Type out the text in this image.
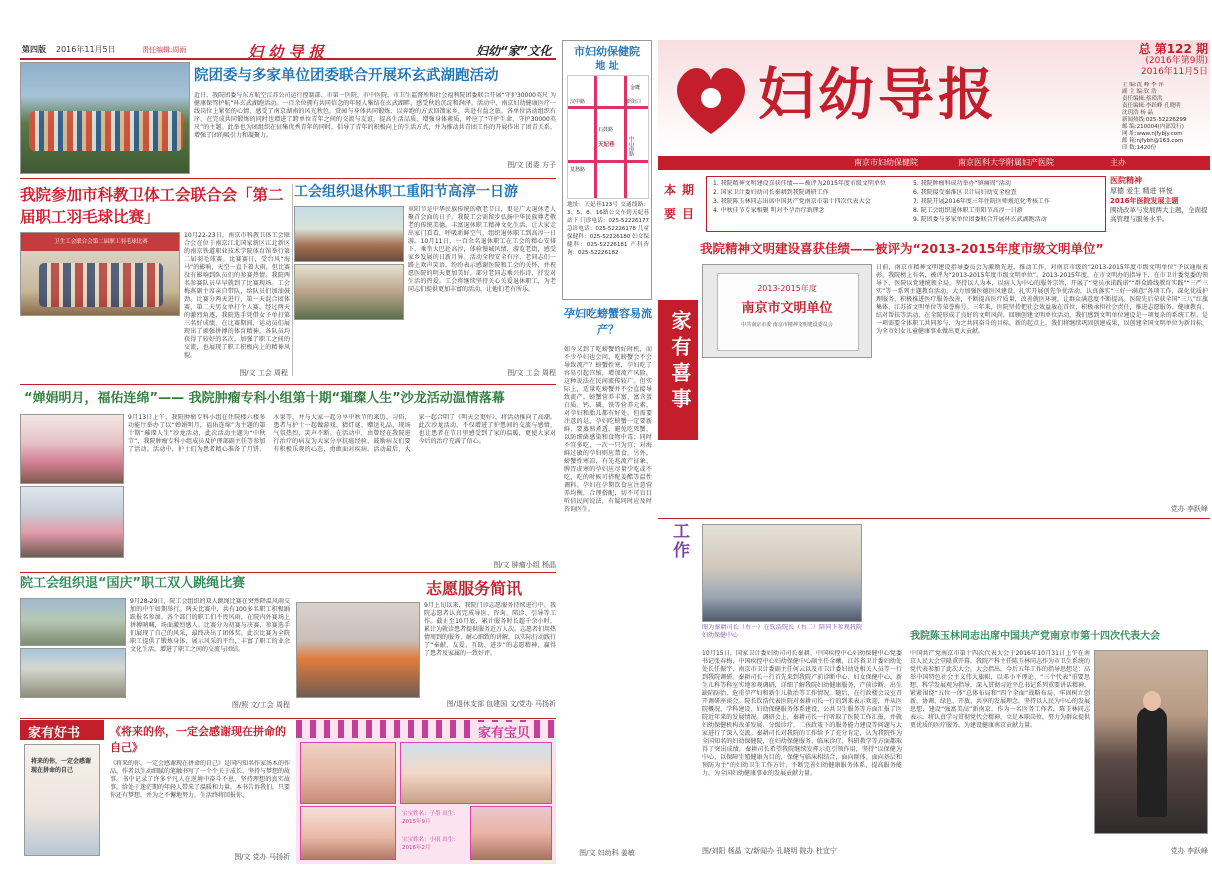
第四版 2016年11月5日	责任编辑:周雨	妇 幼 导 报	妇幼“家”文化
院团委与多家单位团委联合开展环玄武湖跑活动
近日，我院团委与东方航空江苏公司运行控制部、市第一医院、市中医院、市卫生监督所和社会福利院团委联合开展“守护30000英尺 为健康保驾护航”环玄武湖跑活动。一百余位拥有共同信念的年轻人集结在玄武湖畔，感受秋的沉淀和润泽。活动中，南京妇幼健康医疗一线岗位上紧张的心情，感受了南京湖南的风光秋色，赏园与身体共同锻炼、以奔跑的方式回馈家乡，共赴有益之旅。各单位活动组织有序，在完成共同锻炼的同时也增进了跨单位青年之间的交流与友谊，提高生活品质、增强身体素质，呼应了“守护生命，守护30000英尺”的主题。此举也为团组织在征集优秀青年的同时，倡导了青年的积极向上的生活方式，并为推动共青团工作的开展作出了团青关系，增强了团的吸引力和凝聚力。
图/文 团委 方子
我院参加市科教卫体工会联合会「第二届职工羽毛球比赛」
卫生工会联合会第二届职工羽毛球比赛
10月22-23日，南京市科教卫体工会联合会在位于南京江北国家新区江北新区的南京铁道职业技术学院体育馆举行第二届羽毛球赛。比赛赛日，受台风“海马”的影响，天空一直下着大雨，但比赛没有影响到队员们的参赛热情。我院两名参赛队员早早就到了比赛现场。工会梅燕副主席亲自带队，给队员们加油鼓劲。比赛分两天进行，第一天混合团体赛，第二天男女单打个人赛。经过两天的激烈角逐，我院选手凭借女子单打第三名好成绩。在比赛期间，运动员们展现出了顽强拼搏的体育精神，各队员均获得了较好的名次，加强了职工之间的交流，也展现了职工积极向上的精神风貌。
图/文 工会 周程
工会组织退休职工重阳节高淳一日游
重阳节是中华民族传统的敬老节日，更是广大退休老人聚首会面的日子。我院工会需留步弘扬中华民族尊老敬老的传统美德，丰富退休职工精神文化生活，让大家走出家门看看，呼吸新鲜空气，组织退休职工到高淳一日游。10月11日，一百余名退休职工在工会的精心安排下，乘坐大巴赴高淳，体验慢城风情，游览老街，感受家乡发展的日新月异。活动全程安全有序，老同志们一路上欢声笑语，纷纷表示感谢医院和工会的关怀，并祝愿医院的明天更加美好。部分老同志乘兴作诗，抒发对生活的热爱。工会将继续坚持关心关爱退休职工，为老同志们提供更加丰富的活动，让他们老有所乐。
图/文 工会 周程
“婵娟明月，福佑连绵”—— 我院肿瘤专科小组第十期“璀璨人生”沙龙活动温情落幕
9月13日上午，我院肿瘤专科小组在住院楼六楼多功能厅举办了以“婵娟明月，福佑连绵”为主题的第十期“璀璨人生”沙龙活动，此次活动主题为“中秋节”，我院肿瘤专科小组成员及护理部副主任等参加了活动。活动中，护士们为患者精心准备了月饼、水果等，并与大家一起分享中秋节的来历、习俗，患者与护士一起做游戏、猜灯谜、赠送礼品，现场气氛热烈，笑声不断。在活动中，由曾经在我院进行治疗的病友为大家分享抗癌经验，鼓励病友们要有积极乐观的心态，勇敢面对疾病。活动最后，大家一起合唱了《明天会更好》，将活动推向了高潮。此次沙龙活动，不仅增进了护患间的交流与感情，也让患者在节日里感受到了家的温暖，更使大家对今后的治疗充满了信心。
图/文 肿瘤小组 杨晶
院工会组织退“国庆”职工双人跳绳比赛
9月28-29日，院工会组织的双人跳绳比赛在突然降温风雨交加的中午如期举行。两天比赛中，共有100多名职工积极踊跃报名参加。各个部门的职工们不畏风雨，在院内外赛场上拼搏呐喊，场面激烈感人。比赛分为初赛与决赛，参赛选手们展现了自己的风采，最终决出了团体奖。此次比赛为全院职工提供了锻炼身体、展示风采的平台，丰富了职工的业余文化生活，增进了职工之间的交流与团结。
图/照 文/工会 周程
志愿服务简讯
9月上旬以来，我院门诊志愿服务持续进行中。我院志愿者认真完成导医、咨询、陪诊、引导等工作。截止至10月底，累计服务时长超千余小时，累计为就诊患者提供服务近万人次。志愿者们用热情周到的服务、耐心细致的讲解，以实际行动践行了“奉献、友爱、互助、进步”的志愿精神，赢得了患者及家属的一致好评。
图/退休支部 包建国 文/党办 马扬祈
家有好书
将来的你，一定会感谢现在拼命的自己
《将来的你，一定会感谢现在拼命的自己》
《将来的你，一定会感谢现在拼命的自己》是国内知名作家汤木的作品，作者以生动细腻的笔触书写了一个个关于成长、坚持与梦想的故事。书中记录了许多平凡人在逆境中奋斗不息、坚持理想的真实故事，给处于迷茫期的年轻人带来了温暖和力量。本书告诉我们，只要你还有梦想，并为之不懈地努力，生活终将回报你。
图/文 党办 马扬祈
家有宝贝
宝宝姓名：子墨 出生：2015年9月
宝宝姓名：小雨 出生：2016年2月
市妇幼保健院
地 址
汉中路	新街口
石鼓路
天妃巷
莫愁路
中山南路
金鹰
地址：天妃巷123号 交通线路：3、5、8、16路公交车到天妃巷站下 门诊电话：025-52226177 急诊电话：025-52226178 儿童保健科：025-52226180 妇女保健科：025-52226181 产科咨询：025-52226182
孕妇吃螃蟹容易流产？
如今又到了吃螃蟹的好时机，而不少孕妇也会问，吃螃蟹会不会导致流产？螃蟹性寒，孕妇吃了容易引起宫缩，增加流产风险，这种说法在民间流传较广。但实际上，适量吃螃蟹并不会直接导致流产。螃蟹营养丰富，富含蛋白质、钙、磷、铁等营养元素，对孕妇和胎儿都有好处。但需要注意的是，孕妇吃螃蟹一定要新鲜、要蒸熟煮透，避免吃死蟹，以防细菌感染和食物中毒；同时不宜多吃，一次一只为宜；对海鲜过敏的孕妇则应禁食。另外，螃蟹性寒凉，有先兆流产征象、脾胃虚寒的孕妇应尽量少吃或不吃，吃的时候可搭配姜醋等温性调料。孕妇在孕期饮食应注意营养均衡，合理搭配，切不可盲目听信民间说法，有疑问时应及时咨询医生。
图/文 妇幼科 姜敏
妇幼导报
总 第122 期
(2016年第9期)
2016年11月5日
主 编:沈 峰 李 萍
副 主 编:钦 浩
责任编辑:蔡琐洪
责任编辑:李跃峰 孔晓明
沈玥浩 杨 晶
新闻热线:025-52226299
邮 编:210004(内部发行)
网 址:www.njfybjy.com
邮 箱:njfybh@163.com
印 数:1420份
南京市妇幼保健院	南京医科大学附属妇产医院	主办
本期要目
1. 我院精神文明建设喜获佳绩——被评为2015年度市级文明单位
2. 国家卫计委妇幼司长秦耕到我院调研工作
3. 我院陈玉林同志出席中国共产党南京市第十四次代表大会
4. 中秋佳节专家相聚 明对不孕治疗新理念
5. 我院肿瘤科成功举办“镇痛周”活动
6. 我院接受秦淮区卫计局妇幼安全检查
7. 我院开展2016年度三年住院医师规范化考核工作
8. 院工会组织退休职工重阳节高淳一日游
9. 院团委与多家单位团委联合开展环玄武湖跑活动
医院精神
厚德 爱生 精进 祥悦
2016年医院发展主题
围绕改革与发展两大主题，全面提高管理与服务水平。
我院精神文明建设喜获佳绩——被评为“2013-2015年度市级文明单位”
家有喜事
2013-2015年度
南京市文明单位
中共南京市委 南京市精神文明建设委员会
日前，南京市精神文明建设指导委员会为激励先进，推动工作，对南京市级的“2013-2015年度市级文明单位”予以通报表彰。我院榜上有名，被评为“2013-2015年度市级文明单位”。2013-2015年度，在市文明办的指导下，在市卫计委党委的领导下，医院以党建统领全局，坚持以人为本，以病人为中心的服务宗旨，开展了“党员承诺践诺”“群众路线教育实践”“三严三实”等一系列主题教育活动，大力加强医德医风建设，扎实开展创先争优活动，认真落实“三好一满意”各项工作，深化优质护理服务，积极推进医疗服务改善，不断提高医疗质量，改善就医环境，让群众满意度不断提高。医院先后荣获全国“三八”红旗集体、江苏省文明单位等荣誉称号。三年来，医院坚持把社会效益放在首位，积极承担社会责任，推进志愿服务、健康教育、结对帮扶等活动，在全院形成了良好的文明风尚。回顾创建文明单位活动，我们感到文明单位建设是一项复杂的系统工程，是一项需要全体职工共同参与、为之共同奋斗的目标。新的起点上，我们将继续巩固创建成果，以创建全国文明单位为新目标，为全市妇女儿童健康事业做出更大贡献。
党办 李跃峰
工作
图为秦耕司长（右一）在钦浩院长（右二）陪同下参观我院妇幼保健中心
10月15日，国家卫计委妇幼司司长秦耕、中国疾控中心妇幼保健中心党委书记张春梅，中国疾控中心妇幼保健中心副主任金曦，江苏省卫计委妇幼处处长任振宇，南京市卫计委副主任何云以及市卫计委妇幼处相关人员等一行到我院调研。秦耕司长一行首先来到我院产前诊断中心、妇女保健中心、新生儿科等科室实地参观调研，详细了解我院妇幼健康服务、产前诊断、出生缺陷防治、危重孕产妇和新生儿救治等工作情况。随后，在行政楼会议室召开调研座谈会。院长钦浩代表医院对秦耕司长一行的到来表示欢迎，并从医院概况、学科建设、妇幼保健服务体系建设、公共卫生服务等方面汇报了医院近年来的发展情况。调研会上，秦耕司长一行听取了医院工作汇报，并就妇幼保健机构改革发展、分级诊疗、二孩政策下的服务能力建设等问题与大家进行了深入交流。秦耕司长对我院的工作给予了充分肯定，认为我院作为全国知名的妇幼保健院，在妇幼保健服务、临床诊疗、科研教学等方面都取得了突出成绩。秦耕司长希望我院继续发挥示范引领作用，坚持“以保健为中心，以保障生殖健康为目的，保健与临床相结合，面向群体、面向基层和预防为主”的妇幼卫生工作方针，不断完善妇幼健康服务体系，提高服务能力，为全国妇幼健康事业的发展贡献力量。
图/刘阳 杨晶 文/新闻办 孔晓明 院办 杜宜宁
我院陈玉林同志出席中国共产党南京市第十四次代表大会
中国共产党南京市第十四次代表大会于2016年10月31日上午在南京人民大会堂隆重开幕。我院产科主任陈玉林同志作为市卫生系统的党代表参加了此次大会。大会指出，今后五年工作的指导思想是：高举中国特色社会主义伟大旗帜，以邓小平理论、“三个代表”重要思想、科学发展观为指导，深入贯彻习近平总书记系列重要讲话精神，紧紧围绕“五位一体”总体布局和“四个全面”战略布局，牢固树立创新、协调、绿色、开放、共享的发展理念，坚持以人民为中心的发展思想，建设“强富美高”新南京。作为一名医务工作者，陈玉林同志表示，将认真学习贯彻党代会精神，立足本职岗位，努力为群众提供更优质的医疗服务，为建设健康南京贡献力量。
党办 李跃峰
